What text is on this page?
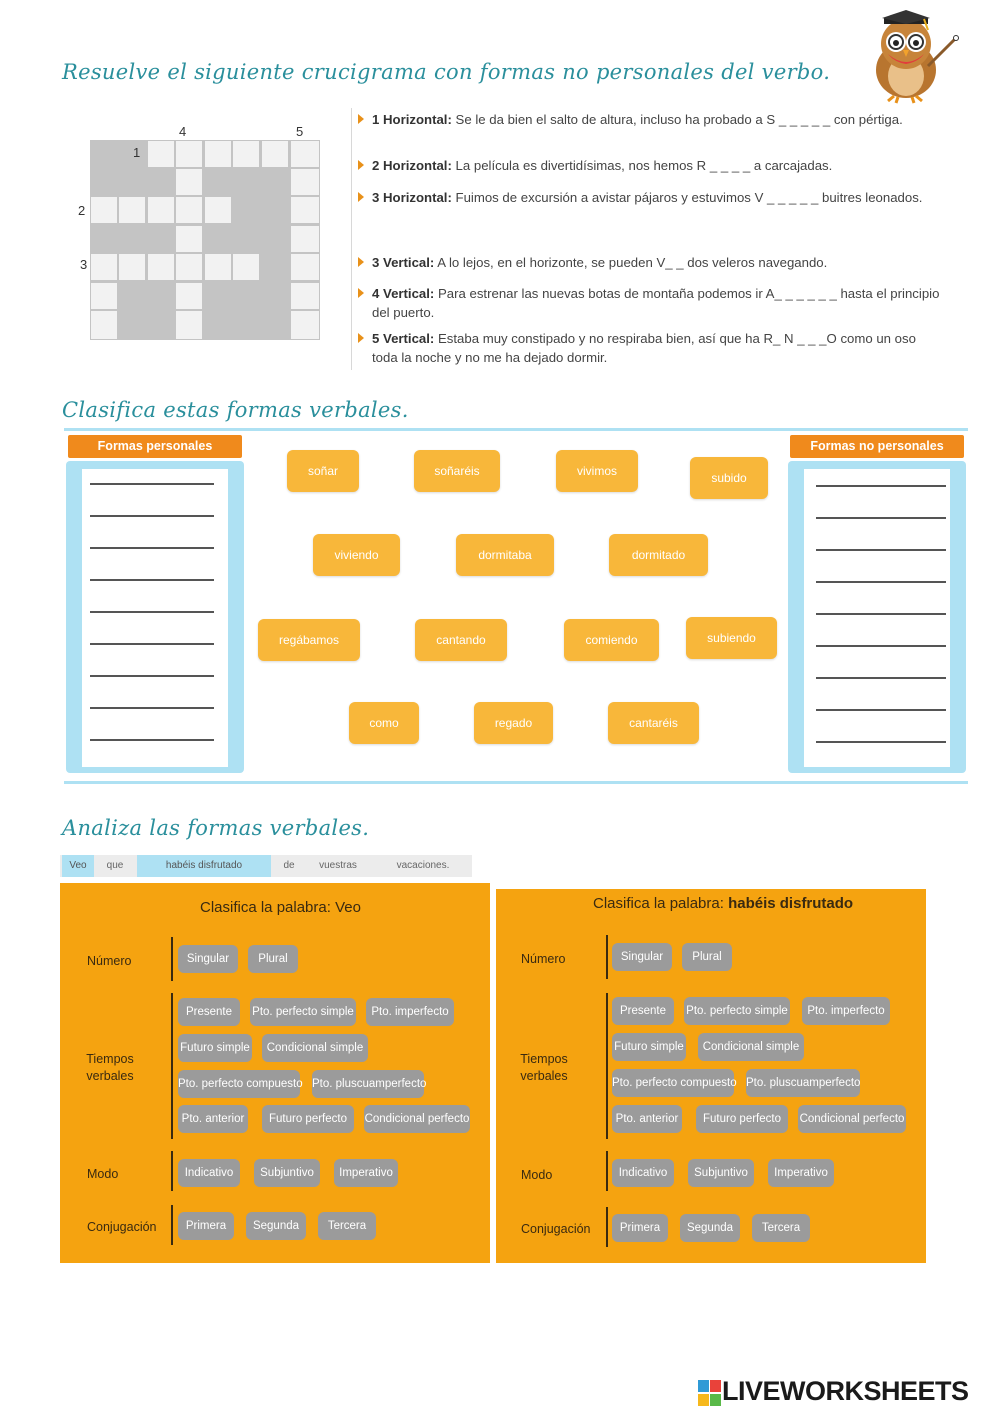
Resuelve el siguiente crucigrama con formas no personales del verbo.
4	5
1
2
3
1 Horizontal: Se le da bien el salto de altura, incluso ha probado a S _ _ _ _ _ con pértiga.
2 Horizontal: La película es divertidísimas, nos hemos R _ _ _ _ a carcajadas.
3 Horizontal: Fuimos de excursión a avistar pájaros y estuvimos V _ _ _ _ _ buitres leonados.
3 Vertical: A lo lejos, en el horizonte, se pueden V_ _ dos veleros navegando.
4 Vertical: Para estrenar las nuevas botas de montaña podemos ir A_ _ _ _ _ _ hasta el principio del puerto.
5 Vertical: Estaba muy constipado y no respiraba bien, así que ha R_ N _ _ _O como un oso toda la noche y no me ha dejado dormir.
Clasifica estas formas verbales.
Formas personales	Formas no personales
soñar	soñaréis	vivimos	subido
viviendo	dormitaba	dormitado
regábamos	cantando	comiendo	subiendo
como	regado	cantaréis
Analiza las formas verbales.
Veo	que	habéis disfrutado	de	vuestras	vacaciones.
Clasifica la palabra: Veo
Número	Singular	Plural
Tiempos verbales
Presente	Pto. perfecto simple	Pto. imperfecto
Futuro simple	Condicional simple
Pto. perfecto compuesto Pto. pluscuamperfecto
Pto. anterior	Futuro perfecto	Condicional perfecto
Modo	Indicativo	Subjuntivo	Imperativo
Conjugación	Primera	Segunda	Tercera
Clasifica la palabra: habéis disfrutado
Número	Singular	Plural
Tiempos verbales
Presente	Pto. perfecto simple	Pto. imperfecto
Futuro simple	Condicional simple
Pto. perfecto compuesto Pto. pluscuamperfecto
Pto. anterior	Futuro perfecto	Condicional perfecto
Modo	Indicativo	Subjuntivo	Imperativo
Conjugación	Primera	Segunda	Tercera
LIVEWORKSHEETS
